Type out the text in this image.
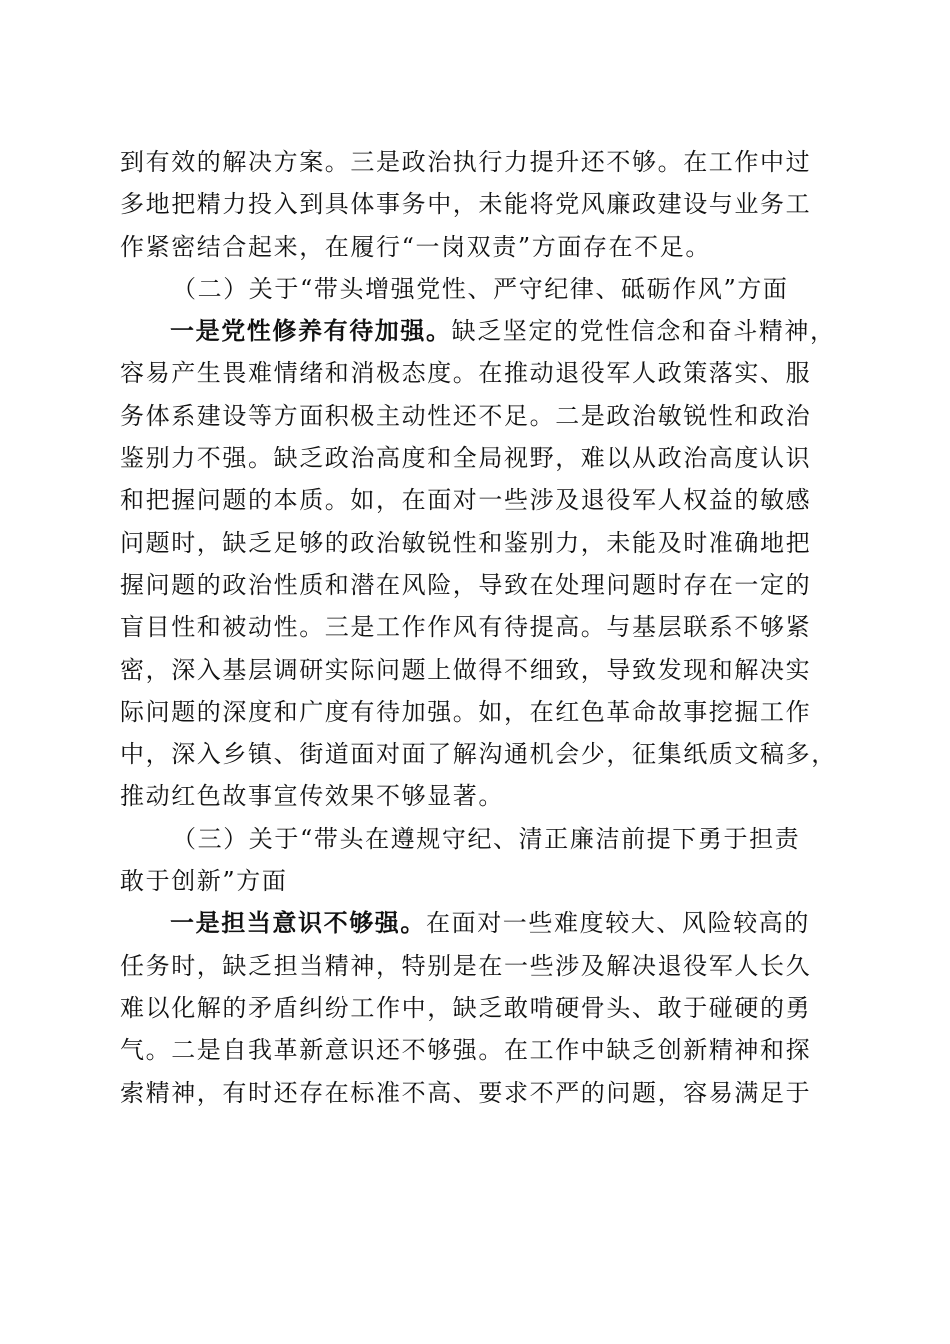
到有效的解决方案。三是政治执行力提升还不够。在工作中过
多地把精力投入到具体事务中，未能将党风廉政建设与业务工
作紧密结合起来，在履行“一岗双责”方面存在不足。
（二）关于“带头增强党性、严守纪律、砥砺作风”方面
一是党性修养有待加强。缺乏坚定的党性信念和奋斗精神，
容易产生畏难情绪和消极态度。在推动退役军人政策落实、服
务体系建设等方面积极主动性还不足。二是政治敏锐性和政治
鉴别力不强。缺乏政治高度和全局视野，难以从政治高度认识
和把握问题的本质。如，在面对一些涉及退役军人权益的敏感
问题时，缺乏足够的政治敏锐性和鉴别力，未能及时准确地把
握问题的政治性质和潜在风险，导致在处理问题时存在一定的
盲目性和被动性。三是工作作风有待提高。与基层联系不够紧
密，深入基层调研实际问题上做得不细致，导致发现和解决实
际问题的深度和广度有待加强。如，在红色革命故事挖掘工作
中，深入乡镇、街道面对面了解沟通机会少，征集纸质文稿多，
推动红色故事宣传效果不够显著。
（三）关于“带头在遵规守纪、清正廉洁前提下勇于担责
敢于创新”方面
一是担当意识不够强。在面对一些难度较大、风险较高的
任务时，缺乏担当精神，特别是在一些涉及解决退役军人长久
难以化解的矛盾纠纷工作中，缺乏敢啃硬骨头、敢于碰硬的勇
气。二是自我革新意识还不够强。在工作中缺乏创新精神和探
索精神，有时还存在标准不高、要求不严的问题，容易满足于
